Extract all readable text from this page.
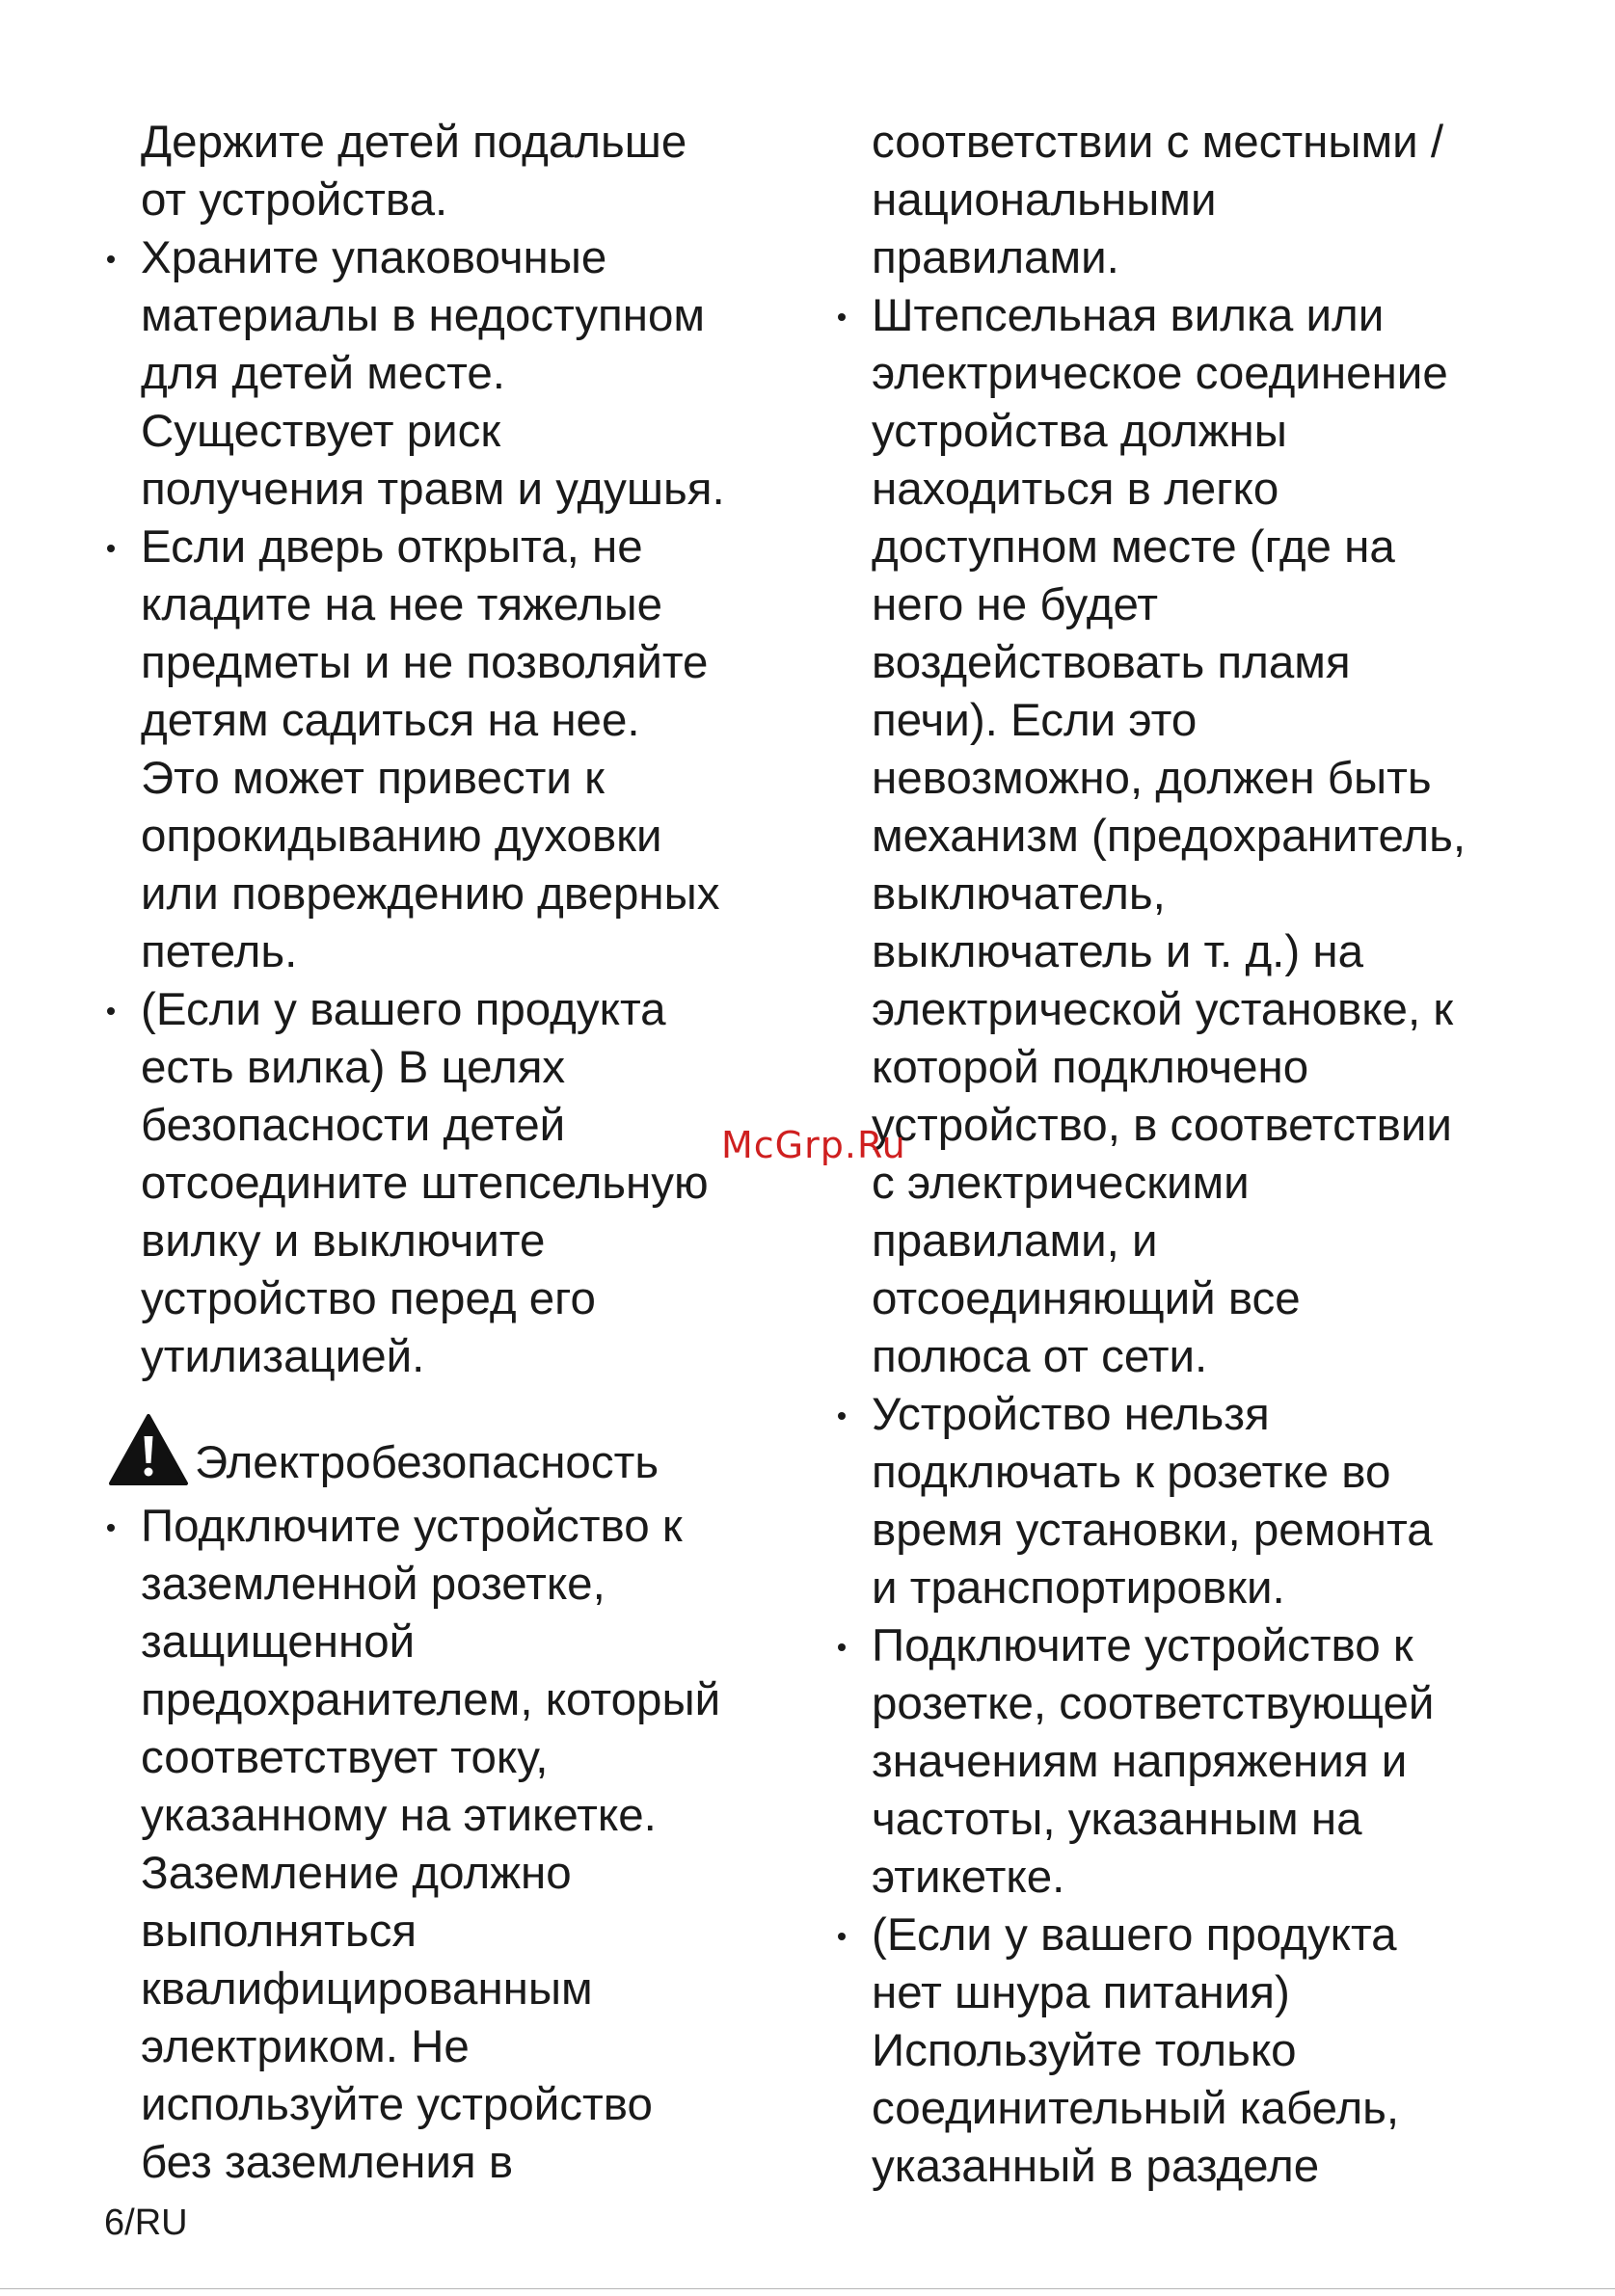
Держите детей подальше
от устройства.
Храните упаковочные
материалы в недоступном
для детей месте.
Существует риск
получения травм и удушья.
Если дверь открыта, не
кладите на нее тяжелые
предметы и не позволяйте
детям садиться на нее.
Это может привести к
опрокидыванию духовки
или повреждению дверных
петель.
(Если у вашего продукта
есть вилка) В целях
безопасности детей
отсоедините штепсельную
вилку и выключите
устройство перед его
утилизацией.
Электробезопасность
Подключите устройство к
заземленной розетке,
защищенной
предохранителем, который
соответствует току,
указанному на этикетке.
Заземление должно
выполняться
квалифицированным
электриком. Не
используйте устройство
без заземления в
соответствии с местными /
национальными
правилами.
Штепсельная вилка или
электрическое соединение
устройства должны
находиться в легко
доступном месте (где на
него не будет
воздействовать пламя
печи). Если это
невозможно, должен быть
механизм (предохранитель,
выключатель,
выключатель и т. д.) на
электрической установке, к
которой подключено
устройство, в соответствии
с электрическими
правилами, и
отсоединяющий все
полюса от сети.
Устройство нельзя
подключать к розетке во
время установки, ремонта
и транспортировки.
Подключите устройство к
розетке, соответствующей
значениям напряжения и
частоты, указанным на
этикетке.
(Если у вашего продукта
нет шнура питания)
Используйте только
соединительный кабель,
указанный в разделе
McGrp.Ru
6/RU
